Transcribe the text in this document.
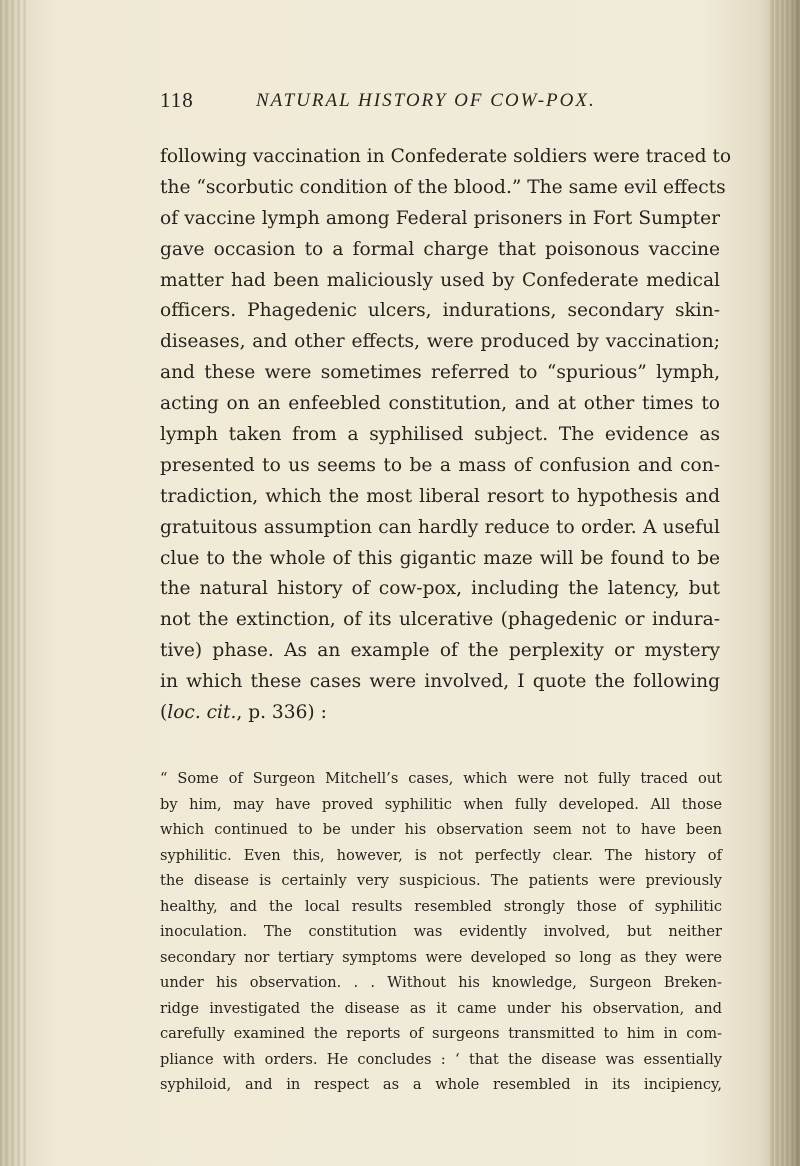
118	NATURAL HISTORY OF COW-POX.
following vaccination in Confederate soldiers were traced to
the “scorbutic condition of the blood.” The same evil effects
of vaccine lymph among Federal prisoners in Fort Sumpter
gave occasion to a formal charge that poisonous vaccine
matter had been maliciously used by Confederate medical
officers. Phagedenic ulcers, indurations, secondary skin-
diseases, and other effects, were produced by vaccination;
and these were sometimes referred to “spurious” lymph,
acting on an enfeebled constitution, and at other times to
lymph taken from a syphilised subject. The evidence as
presented to us seems to be a mass of confusion and con-
tradiction, which the most liberal resort to hypothesis and
gratuitous assumption can hardly reduce to order. A useful
clue to the whole of this gigantic maze will be found to be
the natural history of cow-pox, including the latency, but
not the extinction, of its ulcerative (phagedenic or indura-
tive) phase. As an example of the perplexity or mystery
in which these cases were involved, I quote the following
(loc. cit., p. 336) :
“ Some of Surgeon Mitchell’s cases, which were not fully traced out
by him, may have proved syphilitic when fully developed. All those
which continued to be under his observation seem not to have been
syphilitic. Even this, however, is not perfectly clear. The history of
the disease is certainly very suspicious. The patients were previously
healthy, and the local results resembled strongly those of syphilitic
inoculation. The constitution was evidently involved, but neither
secondary nor tertiary symptoms were developed so long as they were
under his observation. . . Without his knowledge, Surgeon Breken-
ridge investigated the disease as it came under his observation, and
carefully examined the reports of surgeons transmitted to him in com-
pliance with orders. He concludes : ‘ that the disease was essentially
syphiloid, and in respect as a whole resembled in its incipiency,
